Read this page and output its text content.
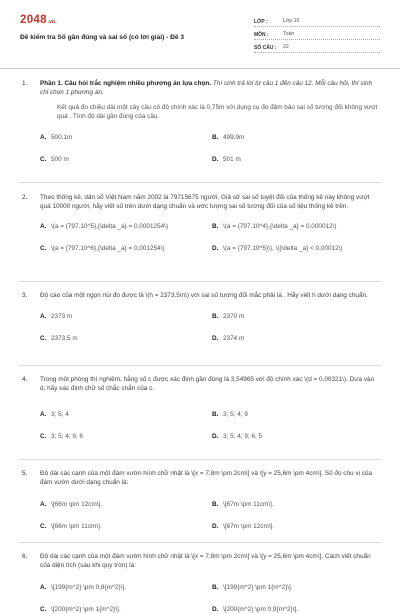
2048 .vn
Đề kiểm tra Số gần đúng và sai số (có lời giải) - Đề 3
LỚP :	Lớp 10
MÔN :	Toán
SỐ CÂU :	22
1. Phần 1. Câu hỏi trắc nghiệm nhiều phương án lựa chọn. Thí sinh trả lời từ câu 1 đến câu 12. Mỗi câu hỏi, thí sinh chỉ chọn 1 phương án.
Kết quả đo chiều dài một cây cầu có độ chính xác là 0,75m với dụng cụ đo đảm bảo sai số tương đối không vượt quá . Tính độ dài gần đúng của cầu.
A. 500,1m	B. 499,9m
C. 500 m	D. 501 m
2. Theo thống kê, dân số Việt Nam năm 2002 là 79715675 người. Giả sử sai số tuyệt đối của thống kê này không vượt quá 10000 người, hãy viết số trên dưới dạng chuẩn và ước lượng sai số tương đối của số liệu thống kê trên.
A. \(a = {797.10^5},{\delta _a} = 0,0001254\)	B. \(a = {797.10^4},{\delta _a} = 0,000012\)
C. \(a = {797.10^6},{\delta _a} = 0,001254\)	D. \(a = {797.10^5}\), \({\delta _a} < 0,00012\)
3. Độ cao của một ngọn núi đo được là \(h = 2373,5m\) với sai số tương đối mắc phải là . Hãy viết h dưới dạng chuẩn.
A. 2373 m	B. 2370 m
C. 2373,5 m	D. 2374 m
4. Trong một phòng thí nghiệm, hằng số c được xác định gần đúng là 3,54965 với độ chính xác \(d = 0,00321\). Dựa vào d, hãy xác định chữ số chắc chắn của c.
A. 3; 5; 4	B. 3; 5; 4; 9
C. 3; 5; 4; 9; 6	D. 3; 5; 4; 9; 6; 5
5. Độ dài các cạnh của một đám vườn hình chữ nhật là \[x = 7,8m \pm 2cm\] và \[y = 25,6m \pm 4cm\]. Số đo chu vi của đám vườn dưới dạng chuẩn là:
A. \[66m \pm 12cm\].	B. \[67m \pm 11cm\].
C. \[66m \pm 11cm\].	D. \[67m \pm 12cm\].
6. Độ dài các cạnh của một đám vườn hình chữ nhật là \[x = 7,8m \pm 2cm\] và \[y = 25,6m \pm 4cm\]. Cách viết chuẩn của diện tích (sau khi quy tròn) là:
A. \[199{m^2} \pm 0,8{m^2}\].	B. \[199{m^2} \pm 1{m^2}\].
C. \[200{m^2} \pm 1{m^2}\].	D. \[200{m^2} \pm 0,9{m^2}\].
